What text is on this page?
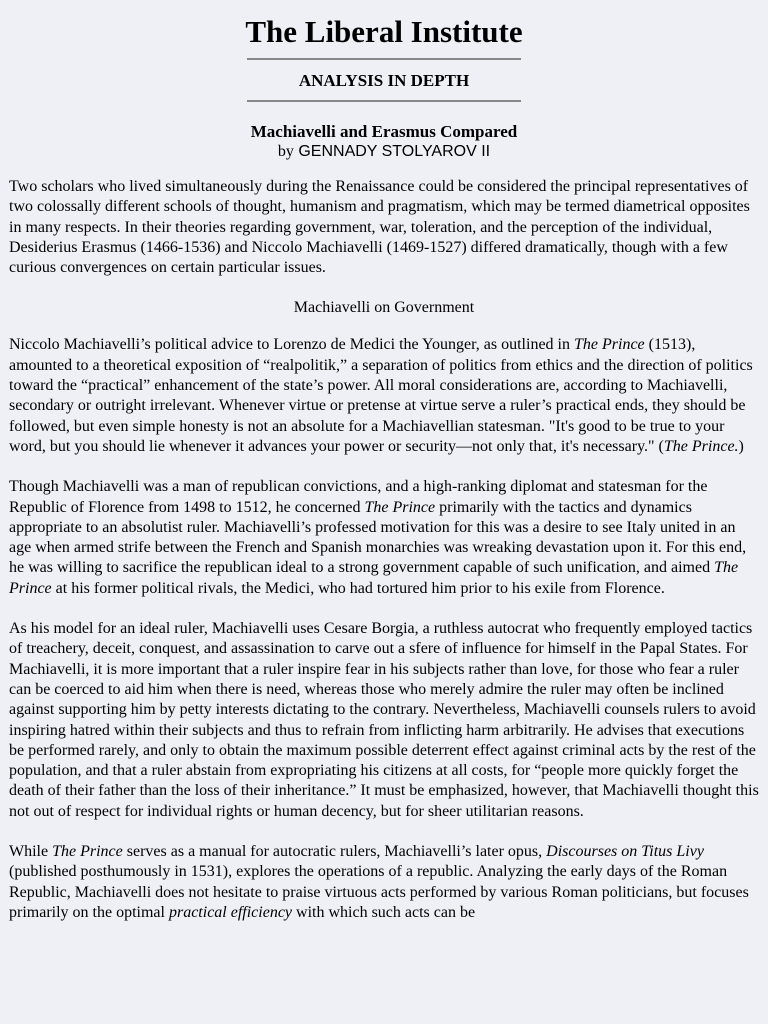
The Liberal Institute
ANALYSIS IN DEPTH
Machiavelli and Erasmus Compared
by GENNADY STOLYAROV II

Two scholars who lived simultaneously during the Renaissance could be considered the principal representatives of two colossally different schools of thought, humanism and pragmatism, which may be termed diametrical opposites in many respects. In their theories regarding government, war, toleration, and the perception of the individual, Desiderius Erasmus (1466-1536) and Niccolo Machiavelli (1469-1527) differed dramatically, though with a few curious convergences on certain particular issues.

Machiavelli on Government

Niccolo Machiavelli’s political advice to Lorenzo de Medici the Younger, as outlined in The Prince (1513), amounted to a theoretical exposition of “realpolitik,” a separation of politics from ethics and the direction of politics toward the “practical” enhancement of the state’s power. All moral considerations are, according to Machiavelli, secondary or outright irrelevant. Whenever virtue or pretense at virtue serve a ruler’s practical ends, they should be followed, but even simple honesty is not an absolute for a Machiavellian statesman. "It's good to be true to your word, but you should lie whenever it advances your power or security—not only that, it's necessary." (The Prince.)

Though Machiavelli was a man of republican convictions, and a high-ranking diplomat and statesman for the Republic of Florence from 1498 to 1512, he concerned The Prince primarily with the tactics and dynamics appropriate to an absolutist ruler. Machiavelli’s professed motivation for this was a desire to see Italy united in an age when armed strife between the French and Spanish monarchies was wreaking devastation upon it. For this end, he was willing to sacrifice the republican ideal to a strong government capable of such unification, and aimed The Prince at his former political rivals, the Medici, who had tortured him prior to his exile from Florence.

As his model for an ideal ruler, Machiavelli uses Cesare Borgia, a ruthless autocrat who frequently employed tactics of treachery, deceit, conquest, and assassination to carve out a sfere of influence for himself in the Papal States. For Machiavelli, it is more important that a ruler inspire fear in his subjects rather than love, for those who fear a ruler can be coerced to aid him when there is need, whereas those who merely admire the ruler may often be inclined against supporting him by petty interests dictating to the contrary. Nevertheless, Machiavelli counsels rulers to avoid inspiring hatred within their subjects and thus to refrain from inflicting harm arbitrarily. He advises that executions be performed rarely, and only to obtain the maximum possible deterrent effect against criminal acts by the rest of the population, and that a ruler abstain from expropriating his citizens at all costs, for “people more quickly forget the death of their father than the loss of their inheritance.” It must be emphasized, however, that Machiavelli thought this not out of respect for individual rights or human decency, but for sheer utilitarian reasons.

While The Prince serves as a manual for autocratic rulers, Machiavelli’s later opus, Discourses on Titus Livy (published posthumously in 1531), explores the operations of a republic. Analyzing the early days of the Roman Republic, Machiavelli does not hesitate to praise virtuous acts performed by various Roman politicians, but focuses primarily on the optimal practical efficiency with which such acts can be
